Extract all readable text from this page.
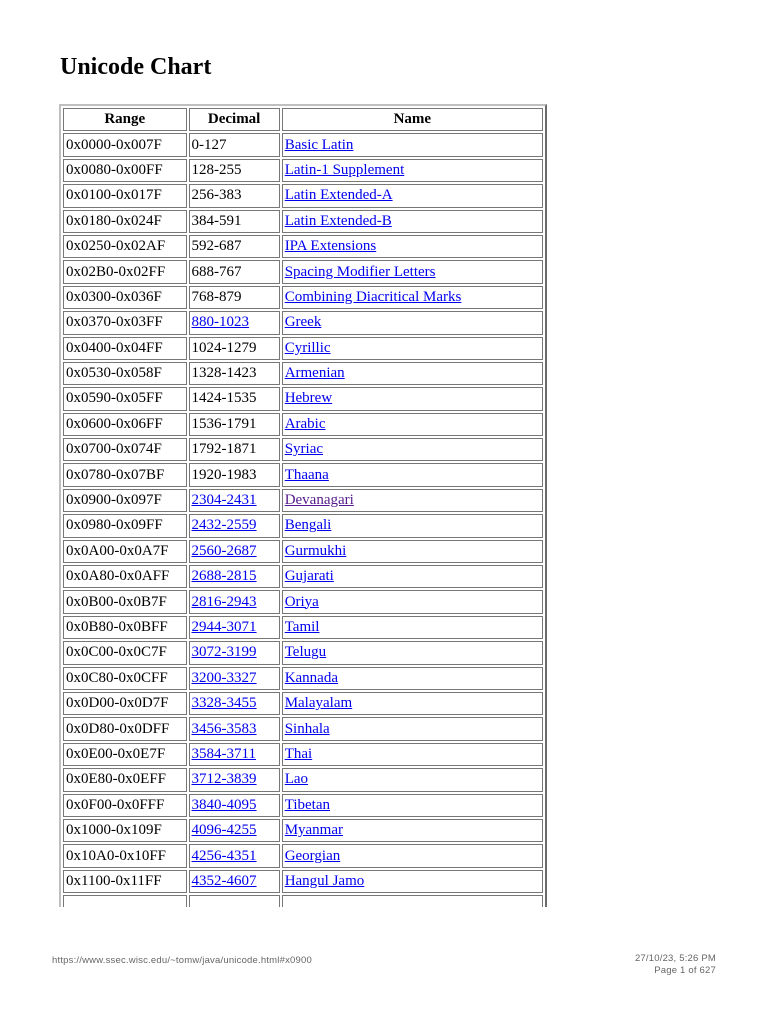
Unicode Chart
Range	Decimal	Name
0x0000-0x007F	0-127	Basic Latin
0x0080-0x00FF	128-255	Latin-1 Supplement
0x0100-0x017F	256-383	Latin Extended-A
0x0180-0x024F	384-591	Latin Extended-B
0x0250-0x02AF	592-687	IPA Extensions
0x02B0-0x02FF	688-767	Spacing Modifier Letters
0x0300-0x036F	768-879	Combining Diacritical Marks
0x0370-0x03FF	880-1023	Greek
0x0400-0x04FF	1024-1279	Cyrillic
0x0530-0x058F	1328-1423	Armenian
0x0590-0x05FF	1424-1535	Hebrew
0x0600-0x06FF	1536-1791	Arabic
0x0700-0x074F	1792-1871	Syriac
0x0780-0x07BF	1920-1983	Thaana
0x0900-0x097F	2304-2431	Devanagari
0x0980-0x09FF	2432-2559	Bengali
0x0A00-0x0A7F	2560-2687	Gurmukhi
0x0A80-0x0AFF	2688-2815	Gujarati
0x0B00-0x0B7F	2816-2943	Oriya
0x0B80-0x0BFF	2944-3071	Tamil
0x0C00-0x0C7F	3072-3199	Telugu
0x0C80-0x0CFF	3200-3327	Kannada
0x0D00-0x0D7F	3328-3455	Malayalam
0x0D80-0x0DFF	3456-3583	Sinhala
0x0E00-0x0E7F	3584-3711	Thai
0x0E80-0x0EFF	3712-3839	Lao
0x0F00-0x0FFF	3840-4095	Tibetan
0x1000-0x109F	4096-4255	Myanmar
0x10A0-0x10FF	4256-4351	Georgian
0x1100-0x11FF	4352-4607	Hangul Jamo

https://www.ssec.wisc.edu/~tomw/java/unicode.html#x0900	27/10/23, 5:26 PM
Page 1 of 627
